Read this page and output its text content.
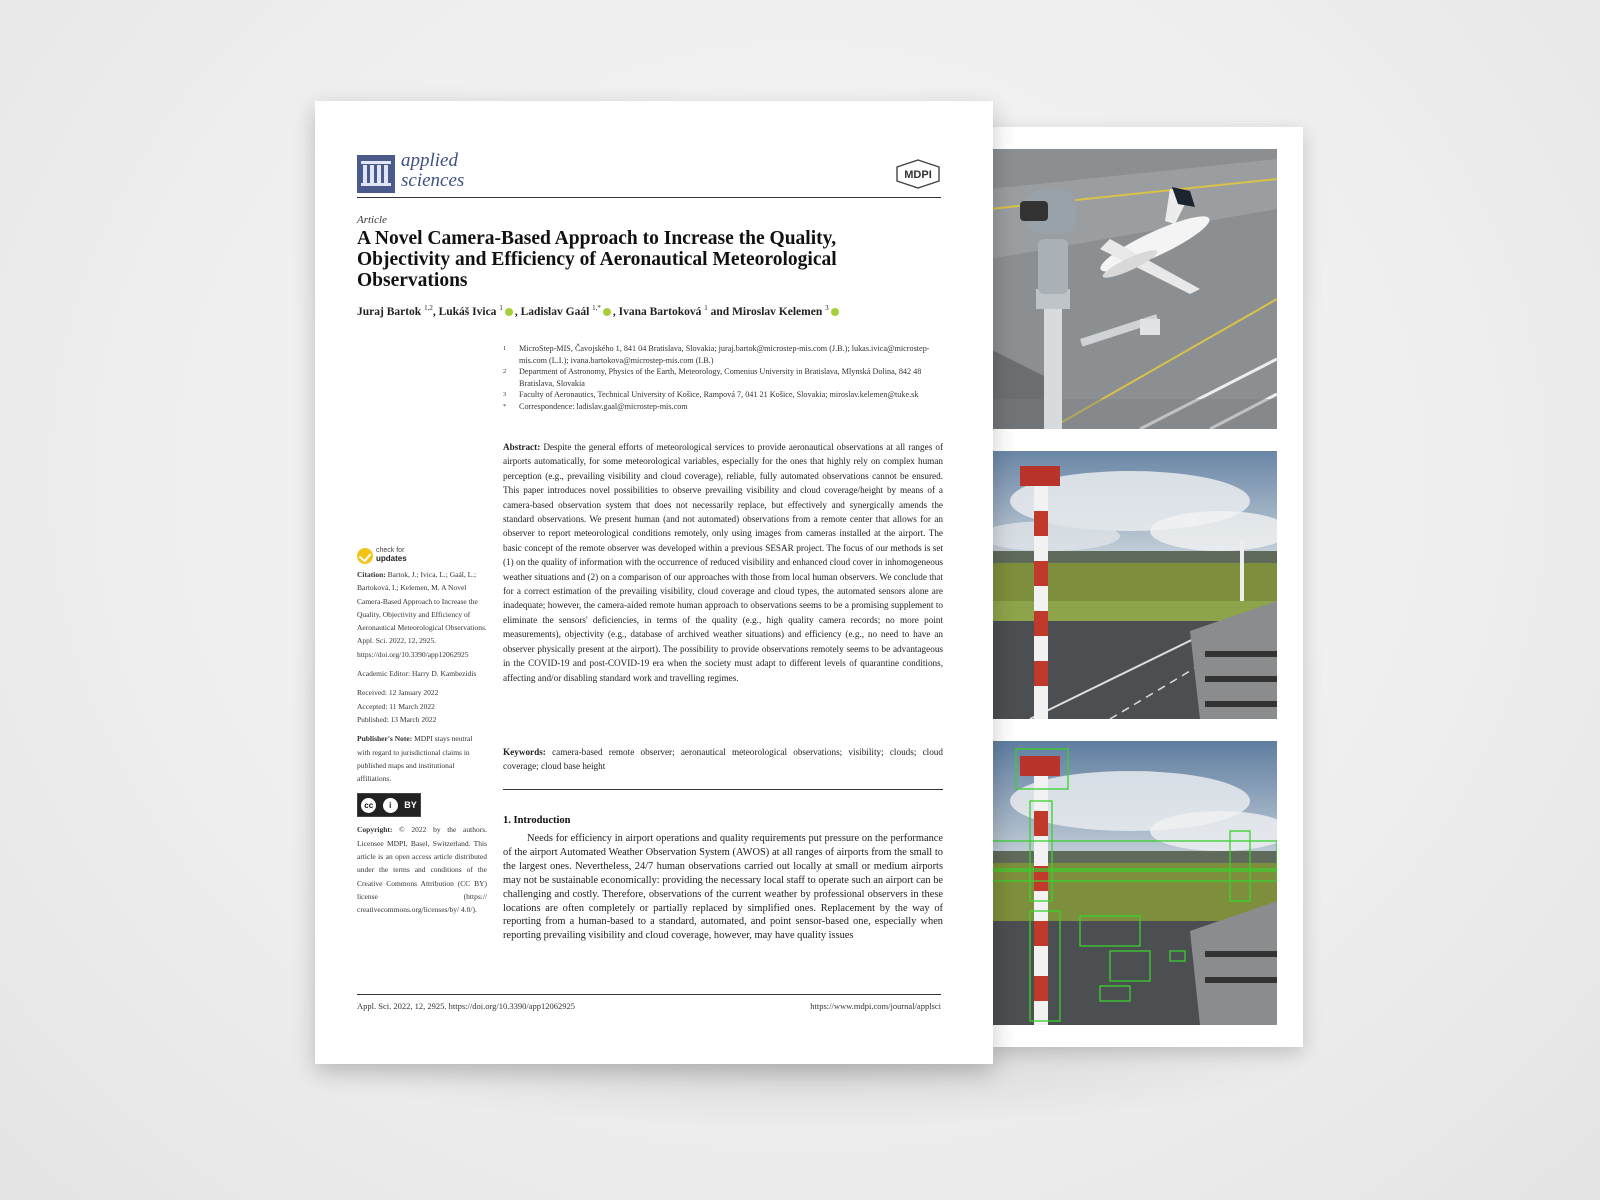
applied
sciences	MDPI
Article
A Novel Camera-Based Approach to Increase the Quality, Objectivity and Efficiency of Aeronautical Meteorological Observations
Juraj Bartok $^{1,2}$, Lukáš Ivica $^1$ , Ladislav Gaál $^{1,*}$ , Ivana Bartoková $^1$ and Miroslav Kelemen $^3$
1	MicroStep-MIS, Čavojského 1, 841 04 Bratislava, Slovakia; juraj.bartok@microstep-mis.com (J.B.); lukas.ivica@microstep-mis.com (L.I.); ivana.bartokova@microstep-mis.com (I.B.)
2	Department of Astronomy, Physics of the Earth, Meteorology, Comenius University in Bratislava, Mlynská Dolina, 842 48 Bratislava, Slovakia
3	Faculty of Aeronautics, Technical University of Košice, Rampová 7, 041 21 Košice, Slovakia; miroslav.kelemen@tuke.sk
*	Correspondence: ladislav.gaal@microstep-mis.com

Abstract: Despite the general efforts of meteorological services to provide aeronautical observations at all ranges of airports automatically, for some meteorological variables, especially for the ones that highly rely on complex human perception (e.g., prevailing visibility and cloud coverage), reliable, fully automated observations cannot be ensured. This paper introduces novel possibilities to observe prevailing visibility and cloud coverage/height by means of a camera-based observation system that does not necessarily replace, but effectively and synergically amends the standard observations. We present human (and not automated) observations from a remote center that allows for an observer to report meteorological conditions remotely, only using images from cameras installed at the airport. The basic concept of the remote observer was developed within a previous SESAR project. The focus of our methods is set (1) on the quality of information with the occurrence of reduced visibility and enhanced cloud cover in inhomogeneous weather situations and (2) on a comparison of our approaches with those from local human observers. We conclude that for a correct estimation of the prevailing visibility, cloud coverage and cloud types, the automated sensors alone are inadequate; however, the camera-aided remote human approach to observations seems to be a promising supplement to eliminate the sensors' deficiencies, in terms of the quality (e.g., high quality camera records; no more point measurements), objectivity (e.g., database of archived weather situations) and efficiency (e.g., no need to have an observer physically present at the airport). The possibility to provide observations remotely seems to be advantageous in the COVID-19 and post-COVID-19 era when the society must adapt to different levels of quarantine conditions, affecting and/or disabling standard work and travelling regimes.

Keywords: camera-based remote observer; aeronautical meteorological observations; visibility; clouds; cloud coverage; cloud base height

1. Introduction

Needs for efficiency in airport operations and quality requirements put pressure on the performance of the airport Automated Weather Observation System (AWOS) at all ranges of airports from the small to the largest ones. Nevertheless, 24/7 human observations carried out locally at small or medium airports may not be sustainable economically: providing the necessary local staff to operate such an airport can be challenging and costly. Therefore, observations of the current weather by professional observers in these locations are often completely or partially replaced by simplified ones. Replacement by the way of reporting from a human-based to a standard, automated, and point sensor-based one, especially when reporting prevailing visibility and cloud coverage, however, may have quality issues

check for
updates

Citation: Bartok, J.; Ivica, L.; Gaál, L.; Bartoková, I.; Kelemen, M. A Novel Camera-Based Approach to Increase the Quality, Objectivity and Efficiency of Aeronautical Meteorological Observations. Appl. Sci. 2022, 12, 2925. https://doi.org/10.3390/app12062925

Academic Editor: Harry D. Kambezidis

Received: 12 January 2022
Accepted: 11 March 2022
Published: 13 March 2022

Publisher's Note: MDPI stays neutral with regard to jurisdictional claims in published maps and institutional affiliations.

cc	i	BY

Copyright: © 2022 by the authors. Licensee MDPI, Basel, Switzerland. This article is an open access article distributed under the terms and conditions of the Creative Commons Attribution (CC BY) license (https:// creativecommons.org/licenses/by/ 4.0/).

Appl. Sci. 2022, 12, 2925. https://doi.org/10.3390/app12062925	https://www.mdpi.com/journal/applsci
